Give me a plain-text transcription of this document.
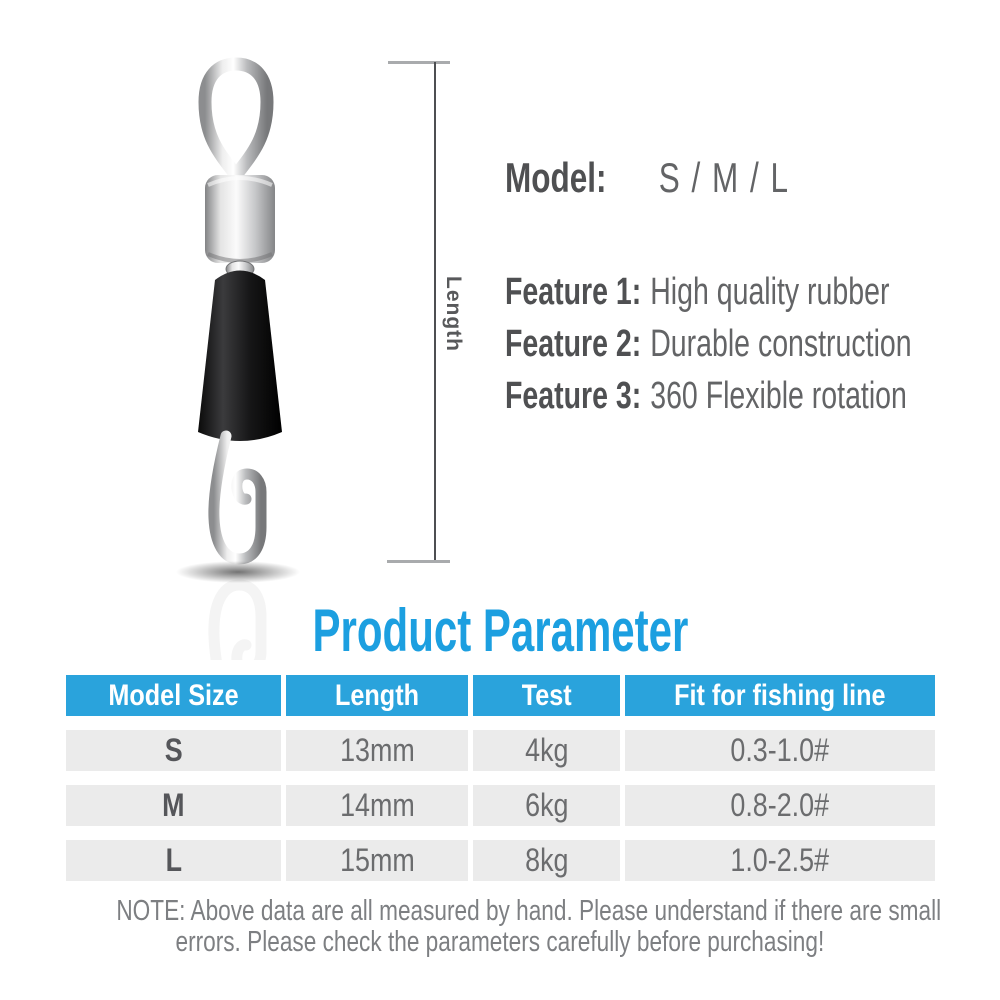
Length
Model:	S / M / L
Feature 1: High quality rubber
Feature 2: Durable construction
Feature 3: 360 Flexible rotation
Product Parameter
Model Size	Length	Test	Fit for fishing line
S	13mm	4kg	0.3-1.0#
M	14mm	6kg	0.8-2.0#
L	15mm	8kg	1.0-2.5#
NOTE: Above data are all measured by hand. Please understand if there are small
errors. Please check the parameters carefully before purchasing!
